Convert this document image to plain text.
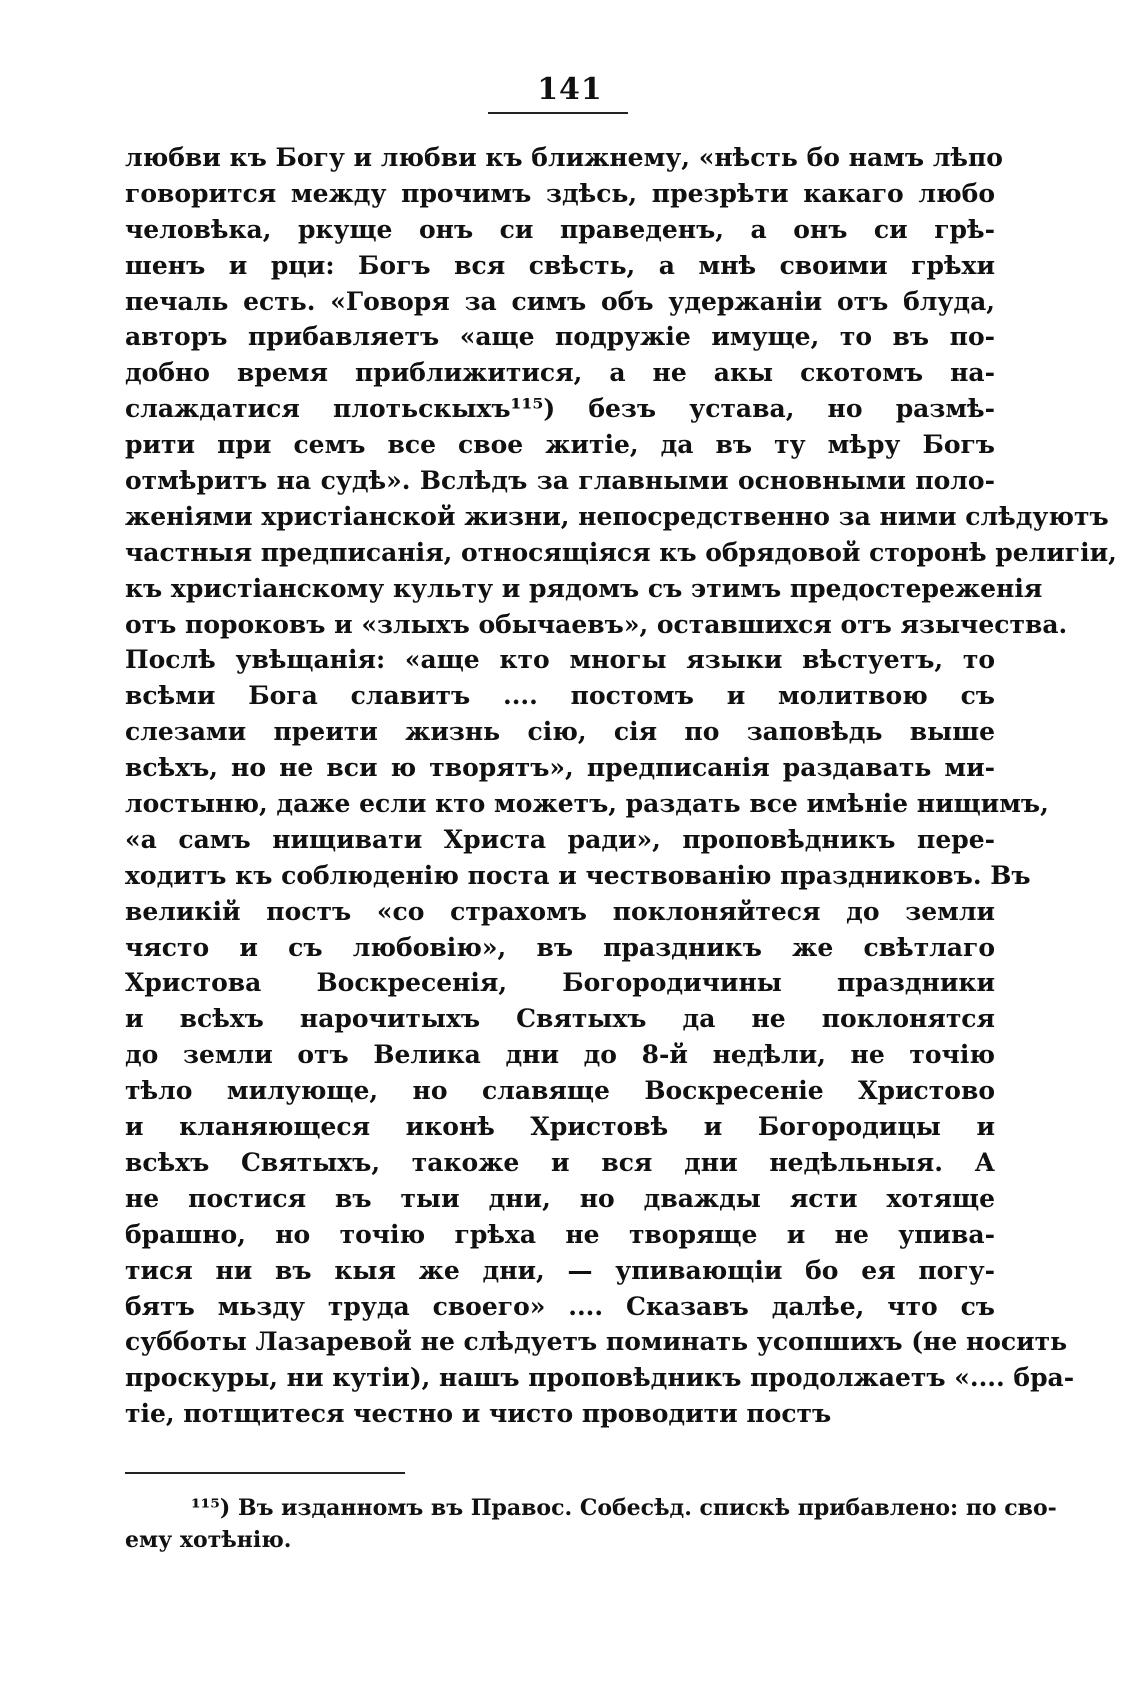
141
любви къ Богу и любви къ ближнему, «нѣсть бо намъ лѣпо
говорится между прочимъ здѣсь, презрѣти какаго любо
человѣка, ркуще онъ си праведенъ, а онъ си грѣ-
шенъ и рци: Богъ вся свѣсть, а мнѣ своими грѣхи
печаль есть. «Говоря за симъ объ удержаніи отъ блуда,
авторъ прибавляетъ «аще подружіе имуще, то въ по-
добно время приближитися, а не акы скотомъ на-
слаждатися плотьскыхъ¹¹⁵) безъ устава, но размѣ-
рити при семъ все свое житіе, да въ ту мѣру Богъ
отмѣритъ на судѣ». Вслѣдъ за главными основными поло-
женіями христіанской жизни, непосредственно за ними слѣдуютъ
частныя предписанія, относящіяся къ обрядовой сторонѣ религіи,
къ христіанскому культу и рядомъ съ этимъ предостереженія
отъ пороковъ и «злыхъ обычаевъ», оставшихся отъ язычества.
Послѣ увѣщанія: «аще кто многы языки вѣстуетъ, то
всѣми Бога славитъ .... постомъ и молитвою съ
слезами преити жизнь сію, сія по заповѣдь выше
всѣхъ, но не вси ю творятъ», предписанія раздавать ми-
лостыню, даже если кто можетъ, раздать все имѣніе нищимъ,
«а самъ нищивати Христа ради», проповѣдникъ пере-
ходитъ къ соблюденію поста и чествованію праздниковъ. Въ
великій постъ «со страхомъ поклоняйтеся до земли
чясто и съ любовію», въ праздникъ же свѣтлаго
Христова Воскресенія, Богородичины праздники
и всѣхъ нарочитыхъ Святыхъ да не поклонятся
до земли отъ Велика дни до 8-й недѣли, не точію
тѣло милующе, но славяще Воскресеніе Христово
и кланяющеся иконѣ Христовѣ и Богородицы и
всѣхъ Святыхъ, такоже и вся дни недѣльныя. А
не постися въ тыи дни, но дважды ясти хотяще
брашно, но точію грѣха не творяще и не упива-
тися ни въ кыя же дни, — упивающіи бо ея погу-
бятъ мьзду труда своего» .... Сказавъ далѣе, что съ
субботы Лазаревой не слѣдуетъ поминать усопшихъ (не носить
проскуры, ни кутіи), нашъ проповѣдникъ продолжаетъ «.... бра-
тіе, потщитеся честно и чисто проводити постъ
¹¹⁵) Въ изданномъ въ Правос. Собесѣд. спискѣ прибавлено: по сво-
ему хотѣнію.
